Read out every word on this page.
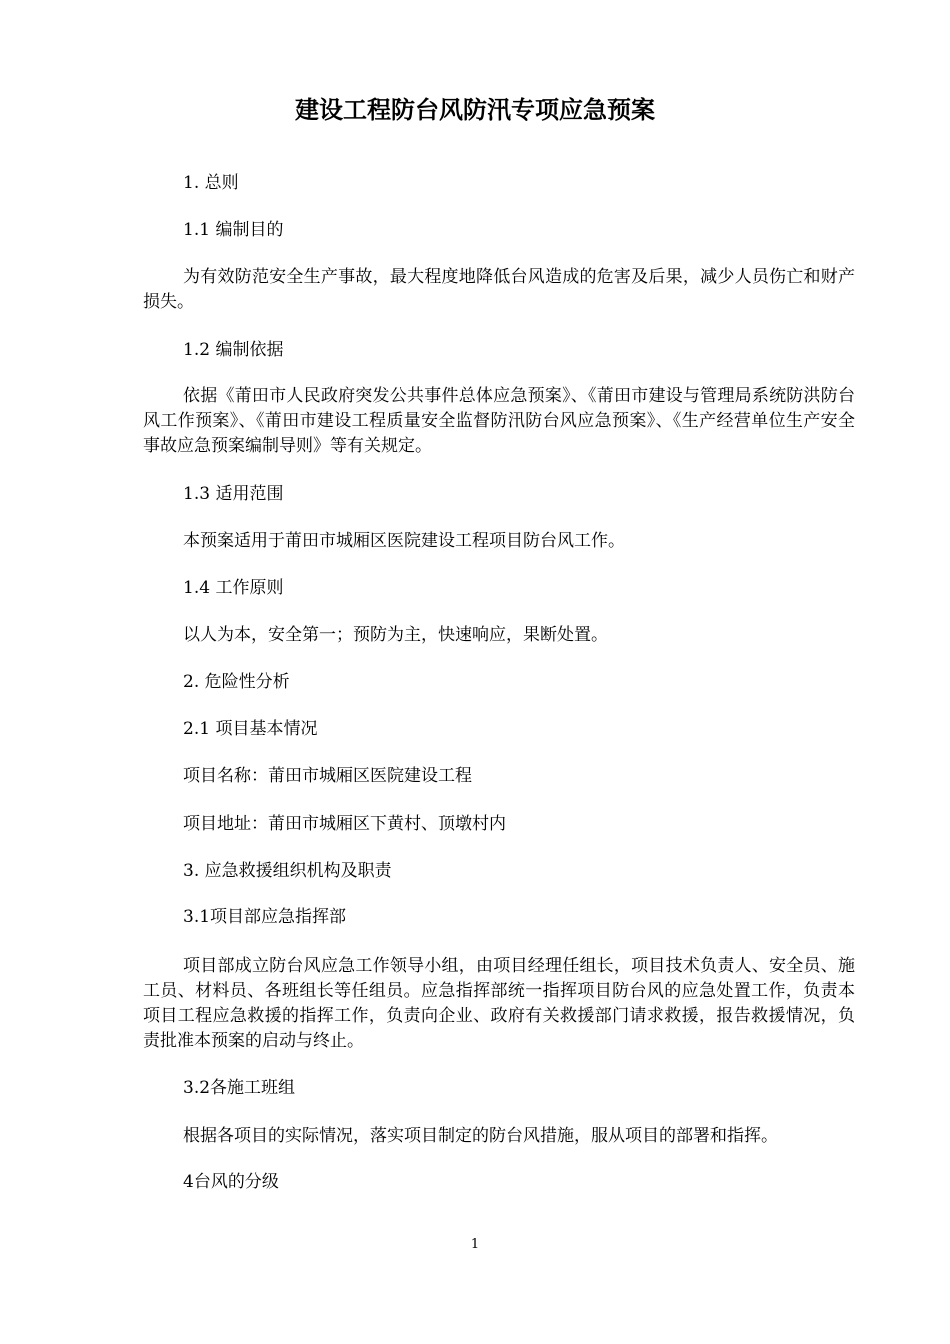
建设工程防台风防汛专项应急预案

1. 总则

1.1 编制目的

为有效防范安全生产事故，最大程度地降低台风造成的危害及后果，减少人员伤亡和财产损失。

1.2 编制依据

依据《莆田市人民政府突发公共事件总体应急预案》、《莆田市建设与管理局系统防洪防台风工作预案》、《莆田市建设工程质量安全监督防汛防台风应急预案》、《生产经营单位生产安全事故应急预案编制导则》等有关规定。

1.3 适用范围

本预案适用于莆田市城厢区医院建设工程项目防台风工作。

1.4 工作原则

以人为本，安全第一；预防为主，快速响应，果断处置。

2. 危险性分析

2.1 项目基本情况

项目名称：莆田市城厢区医院建设工程

项目地址：莆田市城厢区下黄村、顶墩村内

3. 应急救援组织机构及职责

3.1项目部应急指挥部

项目部成立防台风应急工作领导小组，由项目经理任组长，项目技术负责人、安全员、施工员、材料员、各班组长等任组员。应急指挥部统一指挥项目防台风的应急处置工作，负责本项目工程应急救援的指挥工作，负责向企业、政府有关救援部门请求救援，报告救援情况，负责批准本预案的启动与终止。

3.2各施工班组

根据各项目的实际情况，落实项目制定的防台风措施，服从项目的部署和指挥。

4台风的分级

1
